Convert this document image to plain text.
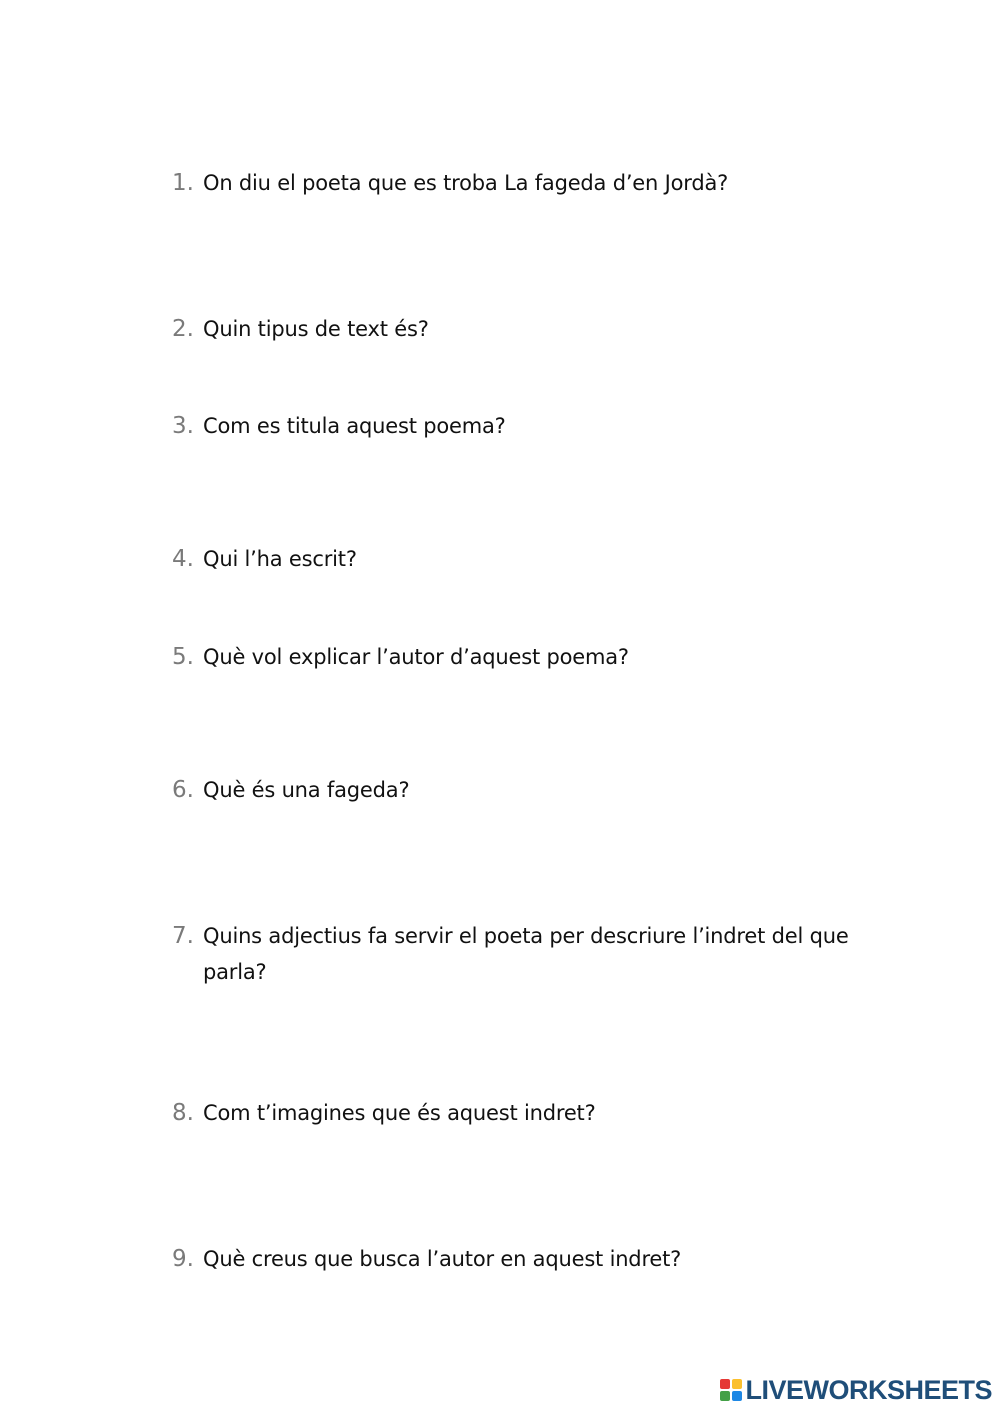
1. On diu el poeta que es troba La fageda d’en Jordà?
2. Quin tipus de text és?
3. Com es titula aquest poema?
4. Qui l’ha escrit?
5. Què vol explicar l’autor d’aquest poema?
6. Què és una fageda?
7. Quins adjectius fa servir el poeta per descriure l’indret del que parla?
8. Com t’imagines que és aquest indret?
9. Què creus que busca l’autor en aquest indret?
LIVEWORKSHEETS
